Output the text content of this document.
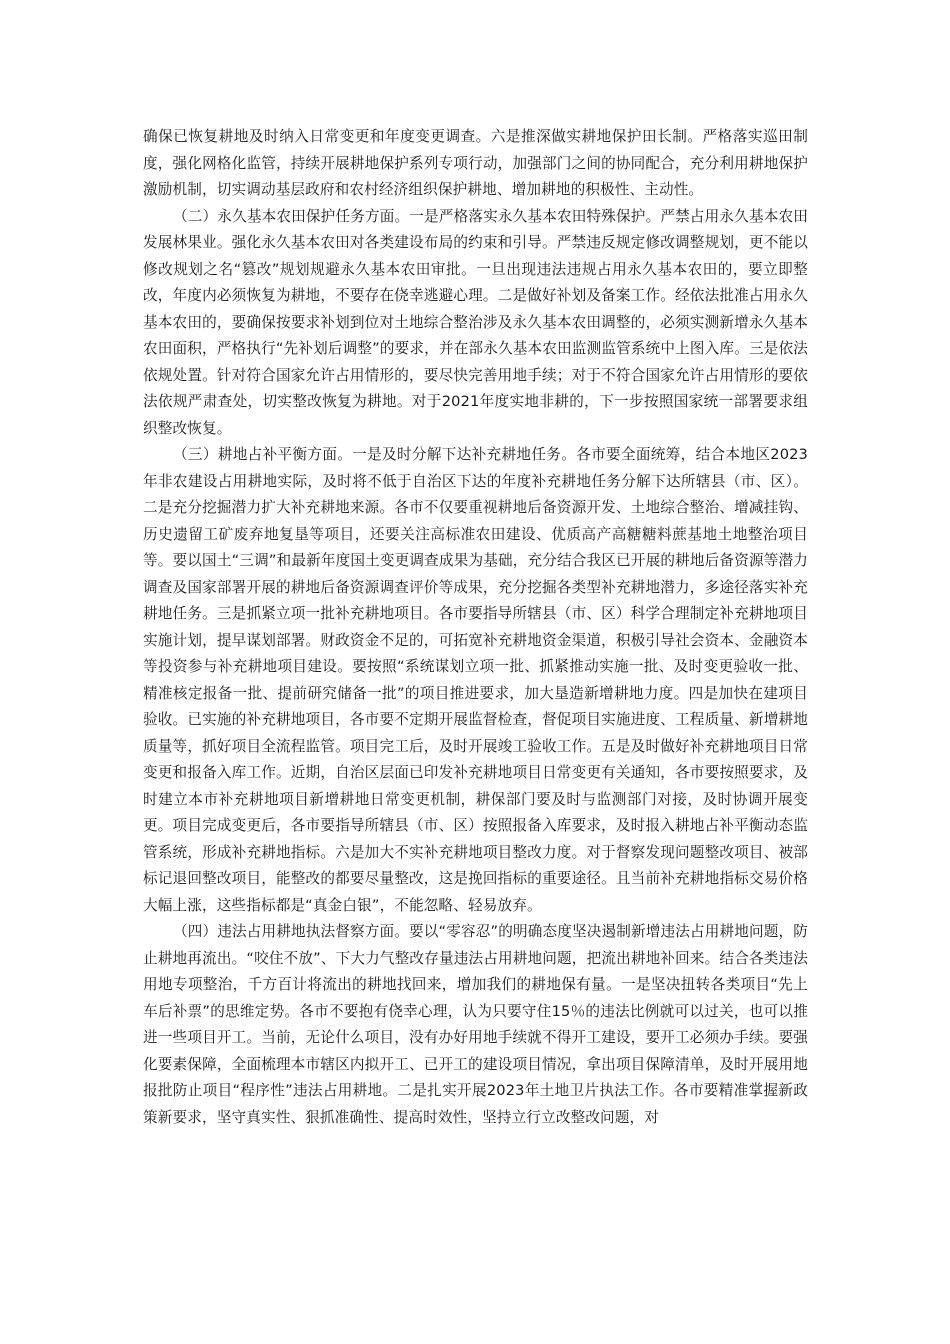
确保已恢复耕地及时纳入日常变更和年度变更调查。六是推深做实耕地保护田长制。严格落实巡田制度，强化网格化监管，持续开展耕地保护系列专项行动，加强部门之间的协同配合，充分利用耕地保护激励机制，切实调动基层政府和农村经济组织保护耕地、增加耕地的积极性、主动性。

（二）永久基本农田保护任务方面。一是严格落实永久基本农田特殊保护。严禁占用永久基本农田发展林果业。强化永久基本农田对各类建设布局的约束和引导。严禁违反规定修改调整规划，更不能以修改规划之名“篡改”规划规避永久基本农田审批。一旦出现违法违规占用永久基本农田的，要立即整改，年度内必须恢复为耕地，不要存在侥幸逃避心理。二是做好补划及备案工作。经依法批准占用永久基本农田的，要确保按要求补划到位对土地综合整治涉及永久基本农田调整的，必须实测新增永久基本农田面积，严格执行“先补划后调整”的要求，并在部永久基本农田监测监管系统中上图入库。三是依法依规处置。针对符合国家允许占用情形的，要尽快完善用地手续；对于不符合国家允许占用情形的要依法依规严肃查处，切实整改恢复为耕地。对于2021年度实地非耕的，下一步按照国家统一部署要求组织整改恢复。

（三）耕地占补平衡方面。一是及时分解下达补充耕地任务。各市要全面统筹，结合本地区2023年非农建设占用耕地实际，及时将不低于自治区下达的年度补充耕地任务分解下达所辖县（市、区）。二是充分挖掘潜力扩大补充耕地来源。各市不仅要重视耕地后备资源开发、土地综合整治、增减挂钩、历史遗留工矿废弃地复垦等项目，还要关注高标准农田建设、优质高产高糖糖料蔗基地土地整治项目等。要以国土“三调”和最新年度国土变更调查成果为基础，充分结合我区已开展的耕地后备资源等潜力调查及国家部署开展的耕地后备资源调查评价等成果，充分挖掘各类型补充耕地潜力，多途径落实补充耕地任务。三是抓紧立项一批补充耕地项目。各市要指导所辖县（市、区）科学合理制定补充耕地项目实施计划，提早谋划部署。财政资金不足的，可拓宽补充耕地资金渠道，积极引导社会资本、金融资本等投资参与补充耕地项目建设。要按照“系统谋划立项一批、抓紧推动实施一批、及时变更验收一批、精准核定报备一批、提前研究储备一批”的项目推进要求，加大垦造新增耕地力度。四是加快在建项目验收。已实施的补充耕地项目，各市要不定期开展监督检查，督促项目实施进度、工程质量、新增耕地质量等，抓好项目全流程监管。项目完工后，及时开展竣工验收工作。五是及时做好补充耕地项目日常变更和报备入库工作。近期，自治区层面已印发补充耕地项目日常变更有关通知，各市要按照要求，及时建立本市补充耕地项目新增耕地日常变更机制，耕保部门要及时与监测部门对接，及时协调开展变更。项目完成变更后，各市要指导所辖县（市、区）按照报备入库要求，及时报入耕地占补平衡动态监管系统，形成补充耕地指标。六是加大不实补充耕地项目整改力度。对于督察发现问题整改项目、被部标记退回整改项目，能整改的都要尽量整改，这是挽回指标的重要途径。且当前补充耕地指标交易价格大幅上涨，这些指标都是“真金白银”，不能忽略、轻易放弃。

（四）违法占用耕地执法督察方面。要以“零容忍”的明确态度坚决遏制新增违法占用耕地问题，防止耕地再流出。“咬住不放”、下大力气整改存量违法占用耕地问题，把流出耕地补回来。结合各类违法用地专项整治，千方百计将流出的耕地找回来，增加我们的耕地保有量。一是坚决扭转各类项目“先上车后补票”的思维定势。各市不要抱有侥幸心理，认为只要守住15％的违法比例就可以过关，也可以推进一些项目开工。当前，无论什么项目，没有办好用地手续就不得开工建设，要开工必须办手续。要强化要素保障，全面梳理本市辖区内拟开工、已开工的建设项目情况，拿出项目保障清单，及时开展用地报批防止项目“程序性”违法占用耕地。二是扎实开展2023年土地卫片执法工作。各市要精准掌握新政策新要求，坚守真实性、狠抓准确性、提高时效性，坚持立行立改整改问题，对
